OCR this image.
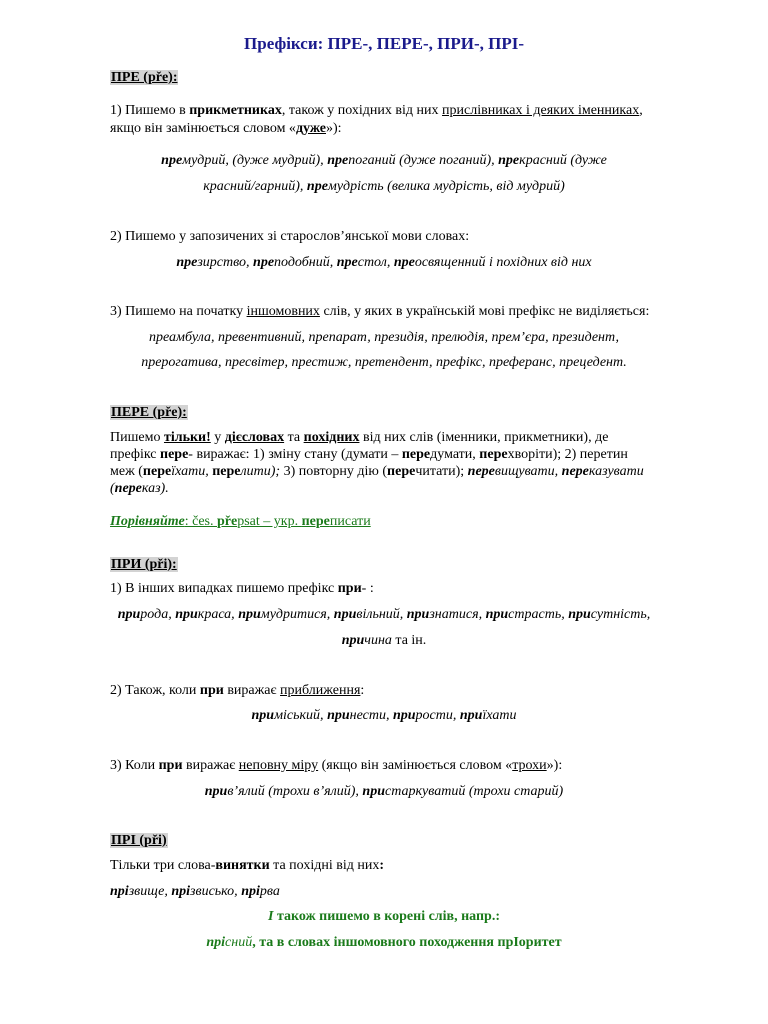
Префікси: ПРЕ-, ПЕРЕ-, ПРИ-, ПРІ-
ПРЕ (pře):
1) Пишемо в прикметниках, також у похідних від них прислівниках і деяких іменниках,
якщо він замінюється словом «дуже»):
премудрий, (дуже мудрий), препоганий (дуже поганий), прекрасний (дуже
красний/гарний), премудрість (велика мудрість, від мудрий)
2) Пишемо у запозичених зі старослов’янської мови словах:
презирство, преподобний, престол, преосвященний і похідних від них
3) Пишемо на початку іншомовних слів, у яких в українській мові префікс не виділяється:
преамбула, превентивний, препарат, президія, прелюдія, прем’єра, президент,
прерогатива, пресвітер, престиж, претендент, префікс, преферанс, прецедент.
ПЕРЕ (pře):
Пишемо тільки! у дієсловах та похідних від них слів (іменники, прикметники), де
префікс пере- виражає: 1) зміну стану (думати – передумати, перехворіти); 2) перетин
меж (переїхати, перелити); 3) повторну дію (перечитати); перевищувати, переказувати
(переказ).
Порівняйте: čes. přepsat – укр. переписати
ПРИ (při):
1) В інших випадках пишемо префікс при- :
природа, прикраса, примудритися, привільний, признатися, пристрасть, присутність,
причина та ін.
2) Також, коли при виражає приближення:
приміський, принести, прирости, приїхати
3) Коли при виражає неповну міру (якщо він замінюється словом «трохи»):
прив’ялий (трохи в’ялий), пристаркуватий (трохи старий)
ПРІ (při)
Тільки три слова-винятки та похідні від них:
прізвище, прізвисько, прірва
І також пишемо в корені слів, напр.:
прісний, та в словах іншомовного походження прІоритет
